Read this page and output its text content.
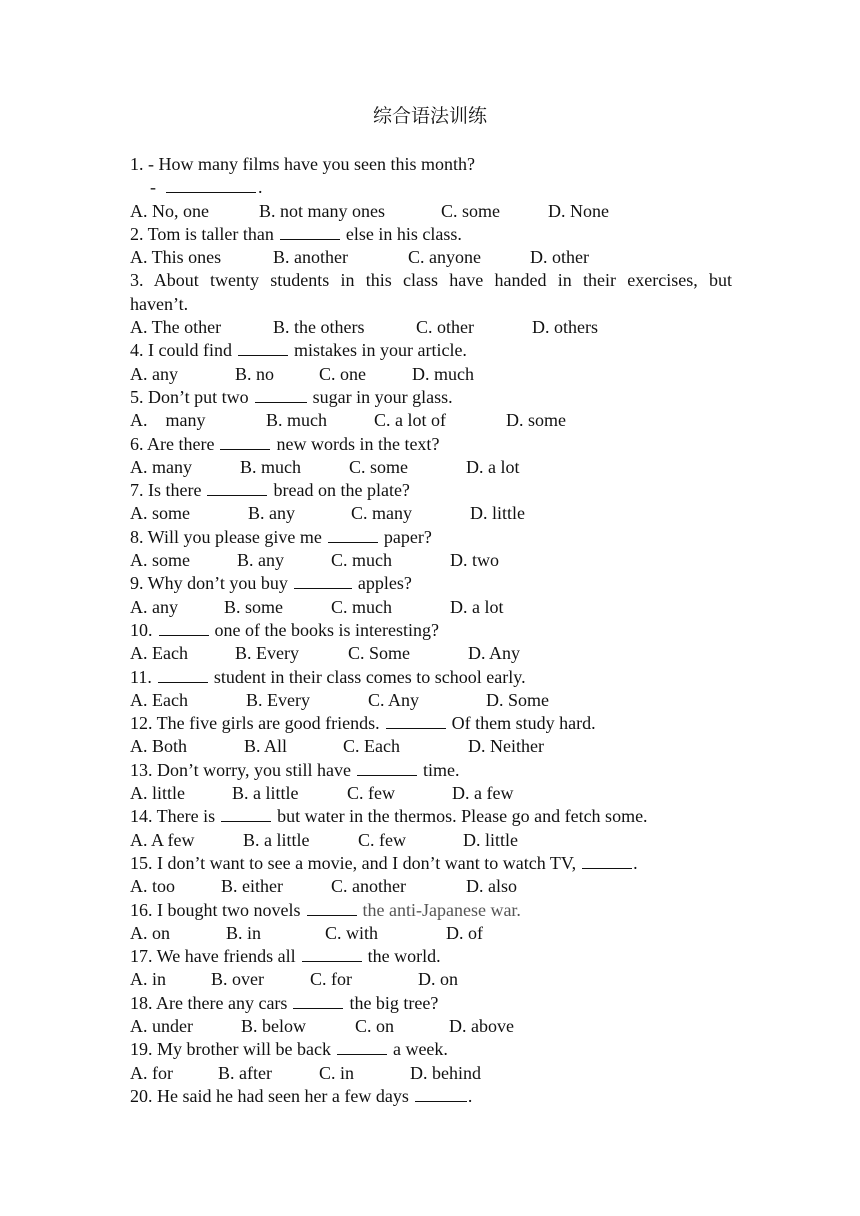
综合语法训练
1. - How many films have you seen this month?
-	.
A. No, one	B. not many ones	C. some	D. None
2. Tom is taller than	else in his class.
A. This ones	B. another	C. anyone	D. other
3. About twenty students in this class have handed in their exercises, but
haven’t.
A. The other	B. the others	C. other	D. others
4. I could find	mistakes in your article.
A. any	B. no C. one	D. much
5. Don’t put two	sugar in your glass.
A.    many	B. much	C. a lot of	D. some
6. Are there	new words in the text?
A. many	B. much	C. some	D. a lot
7. Is there	bread on the plate?
A. some	B. any	C. many	D. little
8. Will you please give me	paper?
A. some	B. any	C. much	D. two
9. Why don’t you buy	apples?
A. any	B. some	C. much	D. a lot
10.	one of the books is interesting?
A. Each	B. Every	C. Some	D. Any
11.	student in their class comes to school early.
A. Each	B. Every	C. Any	D. Some
12. The five girls are good friends.	Of them study hard.
A. Both	B. All	C. Each	D. Neither
13. Don’t worry, you still have	time.
A. little	B. a little	C. few	D. a few
14. There is	but water in the thermos. Please go and fetch some.
A. A few	B. a little	C. few	D. little
15. I don’t want to see a movie, and I don’t want to watch TV,	.
A. too	B. either	C. another	D. also
16. I bought two novels	the anti-Japanese war.
A. on	B. in	C. with	D. of
17. We have friends all	the world.
A. in	B. over	C. for	D. on
18. Are there any cars	the big tree?
A. under	B. below	C. on	D. above
19. My brother will be back	a week.
A. for	B. after	C. in	D. behind
20. He said he had seen her a few days	.
